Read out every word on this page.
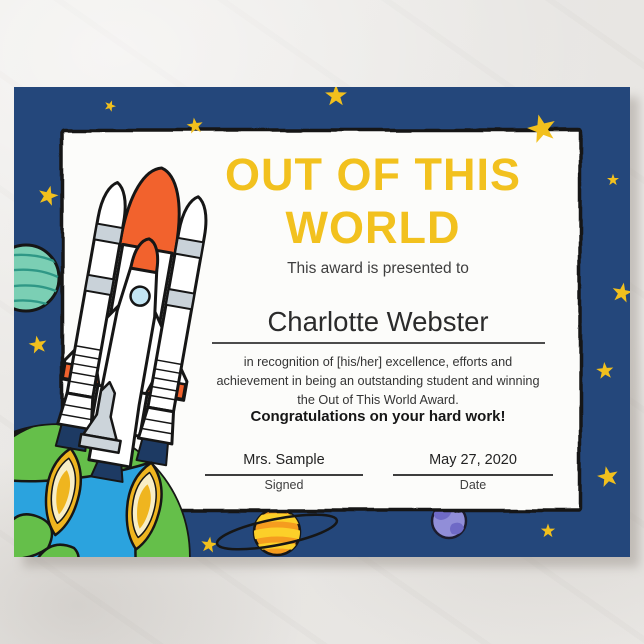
OUT OF THIS
WORLD
This award is presented to
Charlotte Webster
in recognition of [his/her] excellence, efforts and
achievement in being an outstanding student and winning
the Out of This World Award.
Congratulations on your hard work!
Mrs. Sample
Signed
May 27, 2020
Date
